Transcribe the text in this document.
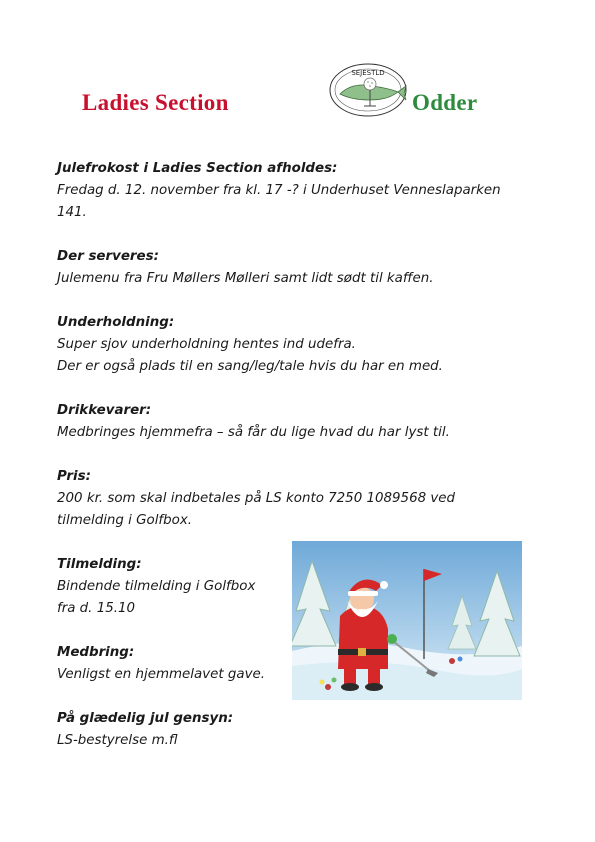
Ladies Section
SEJESTLD
Odder
Julefrokost i Ladies Section afholdes:
Fredag d. 12. november fra kl. 17 -? i Underhuset Venneslaparken
141.
Der serveres:
Julemenu fra Fru Møllers Mølleri samt lidt sødt til kaffen.
Underholdning:
Super sjov underholdning hentes ind udefra.
Der er også plads til en sang/leg/tale hvis du har en med.
Drikkevarer:
Medbringes hjemmefra – så får du lige hvad du har lyst til.
Pris:
200 kr. som skal indbetales på LS konto 7250 1089568 ved
tilmelding i Golfbox.
Tilmelding:
Bindende tilmelding i Golfbox
fra d. 15.10
Medbring:
Venligst en hjemmelavet gave.
På glædelig jul gensyn:
LS-bestyrelse m.fl
